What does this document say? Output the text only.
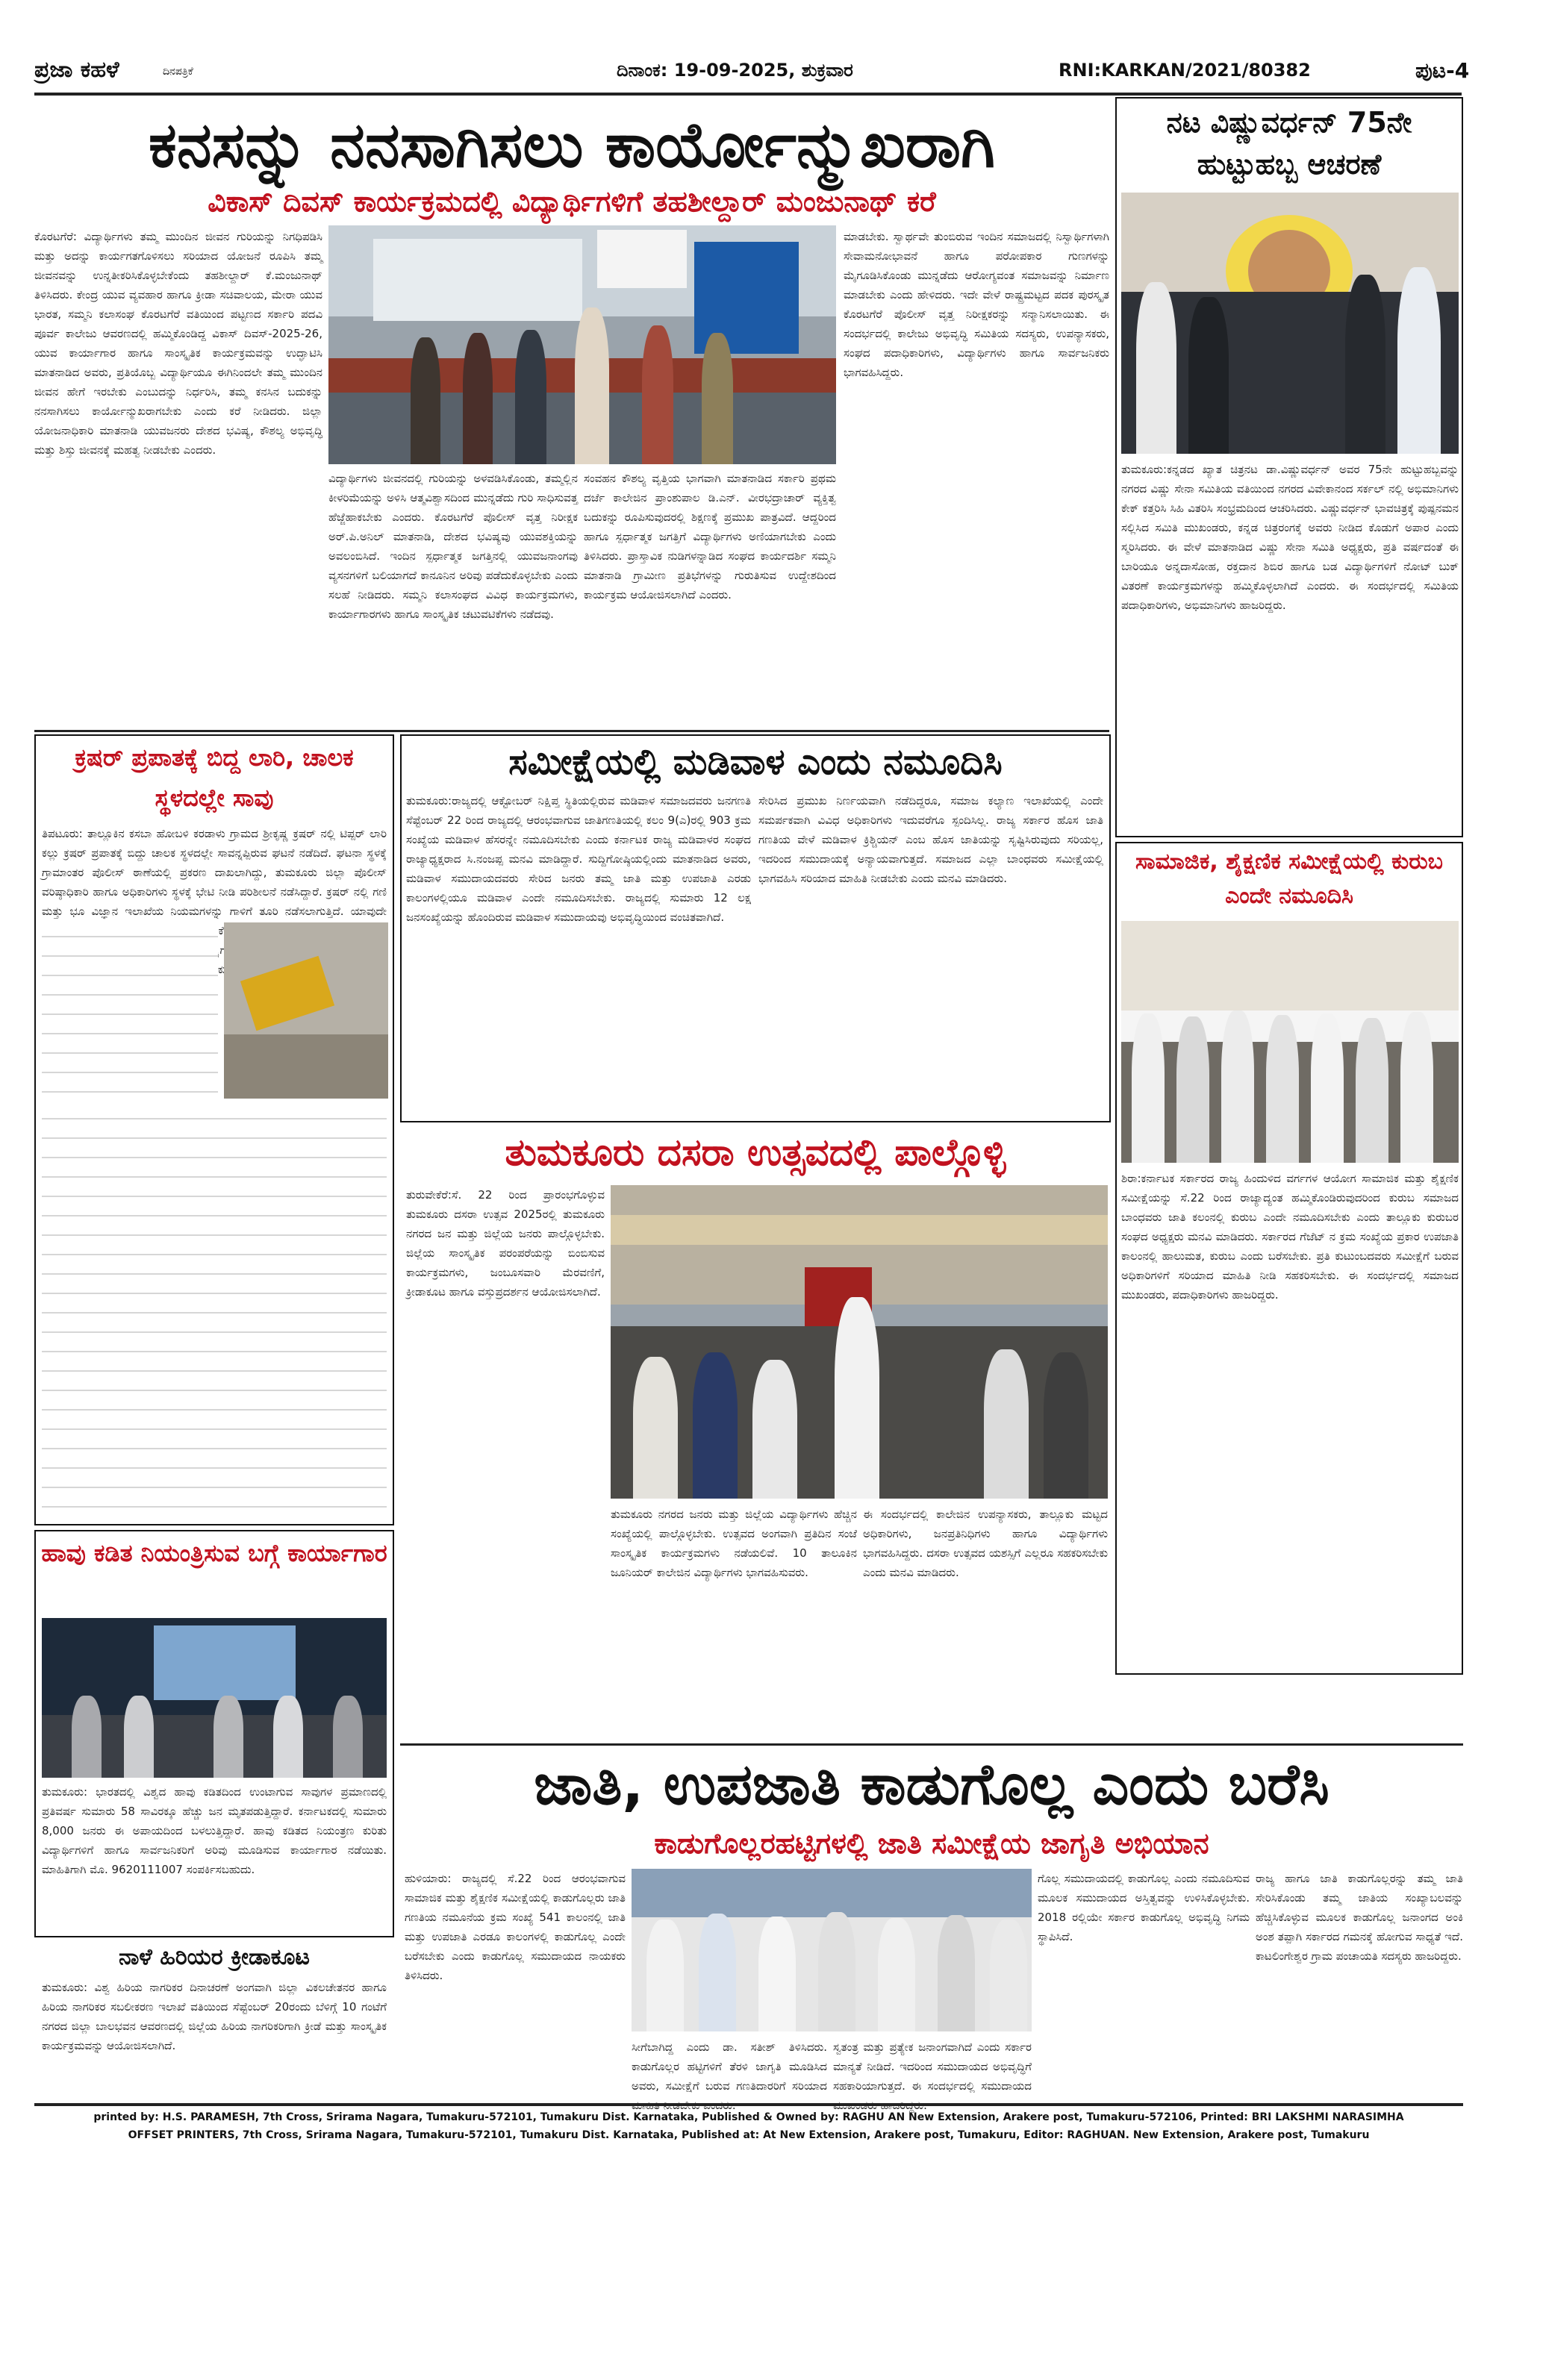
ಪ್ರಜಾ ಕಹಳೆ	ದಿನಪತ್ರಿಕೆ	ದಿನಾಂಕ: 19-09-2025, ಶುಕ್ರವಾರ	RNI:KARKAN/2021/80382	ಪುಟ-4
ಕನಸನ್ನು ನನಸಾಗಿಸಲು ಕಾರ್ಯೋನ್ಮುಖರಾಗಿ
ವಿಕಾಸ್ ದಿವಸ್ ಕಾರ್ಯಕ್ರಮದಲ್ಲಿ ವಿದ್ಯಾರ್ಥಿಗಳಿಗೆ ತಹಶೀಲ್ದಾರ್ ಮಂಜುನಾಥ್ ಕರೆ
ಕೊರಟಗೆರೆ: ವಿದ್ಯಾರ್ಥಿಗಳು ತಮ್ಮ ಮುಂದಿನ ಜೀವನ ಗುರಿಯನ್ನು ನಿಗಧಿಪಡಿಸಿ ಮತ್ತು ಅದನ್ನು ಕಾರ್ಯಗತಗೊಳಿಸಲು ಸರಿಯಾದ ಯೋಜನೆ ರೂಪಿಸಿ ತಮ್ಮ ಜೀವನವನ್ನು ಉನ್ನತೀಕರಿಸಿಕೊಳ್ಳಬೇಕೆಂದು ತಹಶೀಲ್ದಾರ್ ಕೆ.ಮಂಜುನಾಥ್ ತಿಳಿಸಿದರು. ಕೇಂದ್ರ ಯುವ ವ್ಯವಹಾರ ಹಾಗೂ ಕ್ರೀಡಾ ಸಚಿವಾಲಯ, ಮೇರಾ ಯುವ ಭಾರತ, ಸಮ್ಮನಿ ಕಲಾಸಂಘ ಕೊರಟಗೆರೆ ವತಿಯಿಂದ ಪಟ್ಟಣದ ಸರ್ಕಾರಿ ಪದವಿ ಪೂರ್ವ ಕಾಲೇಜು ಆವರಣದಲ್ಲಿ ಹಮ್ಮಿಕೊಂಡಿದ್ದ ವಿಕಾಸ್ ದಿವಸ್-2025-26, ಯುವ ಕಾರ್ಯಾಗಾರ ಹಾಗೂ ಸಾಂಸ್ಕೃತಿಕ ಕಾರ್ಯಕ್ರಮವನ್ನು ಉದ್ಘಾಟಿಸಿ ಮಾತನಾಡಿದ ಅವರು, ಪ್ರತಿಯೊಬ್ಬ ವಿದ್ಯಾರ್ಥಿಯೂ ಈಗಿನಿಂದಲೇ ತಮ್ಮ ಮುಂದಿನ ಜೀವನ ಹೇಗೆ ಇರಬೇಕು ಎಂಬುದನ್ನು ನಿರ್ಧರಿಸಿ, ತಮ್ಮ ಕನಸಿನ ಬದುಕನ್ನು ನನಸಾಗಿಸಲು ಕಾರ್ಯೋನ್ಮುಖರಾಗಬೇಕು ಎಂದು ಕರೆ ನೀಡಿದರು. ಜಿಲ್ಲಾ ಯೋಜನಾಧಿಕಾರಿ ಮಾತನಾಡಿ ಯುವಜನರು ದೇಶದ ಭವಿಷ್ಯ, ಕೌಶಲ್ಯ ಅಭಿವೃದ್ಧಿ ಮತ್ತು ಶಿಸ್ತು ಜೀವನಕ್ಕೆ ಮಹತ್ವ ನೀಡಬೇಕು ಎಂದರು.
ವಿದ್ಯಾರ್ಥಿಗಳು ಜೀವನದಲ್ಲಿ ಗುರಿಯನ್ನು ಅಳವಡಿಸಿಕೊಂಡು, ತಮ್ಮಲ್ಲಿನ ಕೀಳರಿಮೆಯನ್ನು ಅಳಿಸಿ ಆತ್ಮವಿಶ್ವಾಸದಿಂದ ಮುನ್ನಡೆದು ಗುರಿ ಸಾಧಿಸುವತ್ತ ಹೆಜ್ಜೆಹಾಕಬೇಕು ಎಂದರು. ಕೊರಟಗೆರೆ ಪೊಲೀಸ್ ವೃತ್ತ ನಿರೀಕ್ಷಕ ಅರ್.ಪಿ.ಅನಿಲ್ ಮಾತನಾಡಿ, ದೇಶದ ಭವಿಷ್ಯವು ಯುವಶಕ್ತಿಯನ್ನು ಅವಲಂಬಿಸಿದೆ. ಇಂದಿನ ಸ್ಪರ್ಧಾತ್ಮಕ ಜಗತ್ತಿನಲ್ಲಿ ಯುವಜನಾಂಗವು ವ್ಯಸನಗಳಿಗೆ ಬಲಿಯಾಗದೆ ಕಾನೂನಿನ ಅರಿವು ಪಡೆದುಕೊಳ್ಳಬೇಕು ಎಂದು ಸಲಹೆ ನೀಡಿದರು. ಸಮ್ಮನಿ ಕಲಾಸಂಘದ ವಿವಿಧ ಕಾರ್ಯಕ್ರಮಗಳು, ಕಾರ್ಯಾಗಾರಗಳು ಹಾಗೂ ಸಾಂಸ್ಕೃತಿಕ ಚಟುವಟಿಕೆಗಳು ನಡೆದವು.
ಸಂವಹನ ಕೌಶಲ್ಯ ವೃತ್ತಿಯ ಭಾಗವಾಗಿ ಮಾತನಾಡಿದ ಸರ್ಕಾರಿ ಪ್ರಥಮ ದರ್ಜೆ ಕಾಲೇಜಿನ ಪ್ರಾಂಶುಪಾಲ ಡಿ.ಎನ್. ವೀರಭದ್ರಾಚಾರ್ ವ್ಯಕ್ತಿತ್ವ ಬದುಕನ್ನು ರೂಪಿಸುವುದರಲ್ಲಿ ಶಿಕ್ಷಣಕ್ಕೆ ಪ್ರಮುಖ ಪಾತ್ರವಿದೆ. ಆದ್ದರಿಂದ ಹಾಗೂ ಸ್ಪರ್ಧಾತ್ಮಕ ಜಗತ್ತಿಗೆ ವಿದ್ಯಾರ್ಥಿಗಳು ಅಣಿಯಾಗಬೇಕು ಎಂದು ತಿಳಿಸಿದರು. ಪ್ರಾಸ್ತಾವಿಕ ನುಡಿಗಳನ್ನಾಡಿದ ಸಂಘದ ಕಾರ್ಯದರ್ಶಿ ಸಮ್ಮನಿ ಮಾತನಾಡಿ ಗ್ರಾಮೀಣ ಪ್ರತಿಭೆಗಳನ್ನು ಗುರುತಿಸುವ ಉದ್ದೇಶದಿಂದ ಕಾರ್ಯಕ್ರಮ ಆಯೋಜಿಸಲಾಗಿದೆ ಎಂದರು.
ಮಾಡಬೇಕು. ಸ್ವಾರ್ಥವೇ ತುಂಬಿರುವ ಇಂದಿನ ಸಮಾಜದಲ್ಲಿ ನಿಸ್ವಾರ್ಥಿಗಳಾಗಿ ಸೇವಾಮನೋಭಾವನೆ ಹಾಗೂ ಪರೋಪಕಾರ ಗುಣಗಳನ್ನು ಮೈಗೂಡಿಸಿಕೊಂಡು ಮುನ್ನಡೆದು ಆರೋಗ್ಯವಂತ ಸಮಾಜವನ್ನು ನಿರ್ಮಾಣ ಮಾಡಬೇಕು ಎಂದು ಹೇಳಿದರು. ಇದೇ ವೇಳೆ ರಾಷ್ಟ್ರಮಟ್ಟದ ಪದಕ ಪುರಸ್ಕೃತ ಕೊರಟಗೆರೆ ಪೊಲೀಸ್ ವೃತ್ತ ನಿರೀಕ್ಷಕರನ್ನು ಸನ್ಮಾನಿಸಲಾಯಿತು. ಈ ಸಂದರ್ಭದಲ್ಲಿ ಕಾಲೇಜು ಅಭಿವೃದ್ಧಿ ಸಮಿತಿಯ ಸದಸ್ಯರು, ಉಪನ್ಯಾಸಕರು, ಸಂಘದ ಪದಾಧಿಕಾರಿಗಳು, ವಿದ್ಯಾರ್ಥಿಗಳು ಹಾಗೂ ಸಾರ್ವಜನಿಕರು ಭಾಗವಹಿಸಿದ್ದರು.
ನಟ ವಿಷ್ಣುವರ್ಧನ್ 75ನೇ ಹುಟ್ಟುಹಬ್ಬ ಆಚರಣೆ
ತುಮಕೂರು:ಕನ್ನಡದ ಖ್ಯಾತ ಚಿತ್ರನಟ ಡಾ.ವಿಷ್ಣುವರ್ಧನ್ ಅವರ 75ನೇ ಹುಟ್ಟುಹಬ್ಬವನ್ನು ನಗರದ ವಿಷ್ಣು ಸೇನಾ ಸಮಿತಿಯ ವತಿಯಿಂದ ನಗರದ ವಿವೇಕಾನಂದ ಸರ್ಕಲ್ ನಲ್ಲಿ ಅಭಿಮಾನಿಗಳು ಕೇಕ್ ಕತ್ತರಿಸಿ ಸಿಹಿ ವಿತರಿಸಿ ಸಂಭ್ರಮದಿಂದ ಆಚರಿಸಿದರು. ವಿಷ್ಣುವರ್ಧನ್ ಭಾವಚಿತ್ರಕ್ಕೆ ಪುಷ್ಪನಮನ ಸಲ್ಲಿಸಿದ ಸಮಿತಿ ಮುಖಂಡರು, ಕನ್ನಡ ಚಿತ್ರರಂಗಕ್ಕೆ ಅವರು ನೀಡಿದ ಕೊಡುಗೆ ಅಪಾರ ಎಂದು ಸ್ಮರಿಸಿದರು. ಈ ವೇಳೆ ಮಾತನಾಡಿದ ವಿಷ್ಣು ಸೇನಾ ಸಮಿತಿ ಅಧ್ಯಕ್ಷರು, ಪ್ರತಿ ವರ್ಷದಂತೆ ಈ ಬಾರಿಯೂ ಅನ್ನದಾಸೋಹ, ರಕ್ತದಾನ ಶಿಬಿರ ಹಾಗೂ ಬಡ ವಿದ್ಯಾರ್ಥಿಗಳಿಗೆ ನೋಟ್ ಬುಕ್ ವಿತರಣೆ ಕಾರ್ಯಕ್ರಮಗಳನ್ನು ಹಮ್ಮಿಕೊಳ್ಳಲಾಗಿದೆ ಎಂದರು. ಈ ಸಂದರ್ಭದಲ್ಲಿ ಸಮಿತಿಯ ಪದಾಧಿಕಾರಿಗಳು, ಅಭಿಮಾನಿಗಳು ಹಾಜರಿದ್ದರು.
ಸಾಮಾಜಿಕ, ಶೈಕ್ಷಣಿಕ ಸಮೀಕ್ಷೆಯಲ್ಲಿ ಕುರುಬ ಎಂದೇ ನಮೂದಿಸಿ
ಶಿರಾ:ಕರ್ನಾಟಕ ಸರ್ಕಾರದ ರಾಜ್ಯ ಹಿಂದುಳಿದ ವರ್ಗಗಳ ಆಯೋಗ ಸಾಮಾಜಿಕ ಮತ್ತು ಶೈಕ್ಷಣಿಕ ಸಮೀಕ್ಷೆಯನ್ನು ಸೆ.22 ರಿಂದ ರಾಜ್ಯಾದ್ಯಂತ ಹಮ್ಮಿಕೊಂಡಿರುವುದರಿಂದ ಕುರುಬ ಸಮಾಜದ ಬಾಂಧವರು ಜಾತಿ ಕಲಂನಲ್ಲಿ ಕುರುಬ ಎಂದೇ ನಮೂದಿಸಬೇಕು ಎಂದು ತಾಲ್ಲೂಕು ಕುರುಬರ ಸಂಘದ ಅಧ್ಯಕ್ಷರು ಮನವಿ ಮಾಡಿದರು. ಸರ್ಕಾರದ ಗೆಜೆಟ್ ನ ಕ್ರಮ ಸಂಖ್ಯೆಯ ಪ್ರಕಾರ ಉಪಜಾತಿ ಕಾಲಂನಲ್ಲಿ ಹಾಲುಮತ, ಕುರುಬ ಎಂದು ಬರೆಸಬೇಕು. ಪ್ರತಿ ಕುಟುಂಬದವರು ಸಮೀಕ್ಷೆಗೆ ಬರುವ ಅಧಿಕಾರಿಗಳಿಗೆ ಸರಿಯಾದ ಮಾಹಿತಿ ನೀಡಿ ಸಹಕರಿಸಬೇಕು. ಈ ಸಂದರ್ಭದಲ್ಲಿ ಸಮಾಜದ ಮುಖಂಡರು, ಪದಾಧಿಕಾರಿಗಳು ಹಾಜರಿದ್ದರು.
ಕ್ರಷರ್ ಪ್ರಪಾತಕ್ಕೆ ಬಿದ್ದ ಲಾರಿ, ಚಾಲಕ ಸ್ಥಳದಲ್ಲೇ ಸಾವು
ತಿಪಟೂರು: ತಾಲ್ಲೂಕಿನ ಕಸಬಾ ಹೋಬಳಿ ಕರಡಾಳು ಗ್ರಾಮದ ಶ್ರೀಕೃಷ್ಣ ಕ್ರಷರ್ ನಲ್ಲಿ ಟಿಪ್ಪರ್ ಲಾರಿ ಕಲ್ಲು ಕ್ರಷರ್ ಪ್ರಪಾತಕ್ಕೆ ಬಿದ್ದು ಚಾಲಕ ಸ್ಥಳದಲ್ಲೇ ಸಾವನ್ನಪ್ಪಿರುವ ಘಟನೆ ನಡೆದಿದೆ. ಘಟನಾ ಸ್ಥಳಕ್ಕೆ ಗ್ರಾಮಾಂತರ ಪೊಲೀಸ್ ಠಾಣೆಯಲ್ಲಿ ಪ್ರಕರಣ ದಾಖಲಾಗಿದ್ದು, ತುಮಕೂರು ಜಿಲ್ಲಾ ಪೊಲೀಸ್ ವರಿಷ್ಠಾಧಿಕಾರಿ ಹಾಗೂ ಅಧಿಕಾರಿಗಳು ಸ್ಥಳಕ್ಕೆ ಭೇಟಿ ನೀಡಿ ಪರಿಶೀಲನೆ ನಡೆಸಿದ್ದಾರೆ. ಕ್ರಷರ್ ನಲ್ಲಿ ಗಣಿ ಮತ್ತು ಭೂ ವಿಜ್ಞಾನ ಇಲಾಖೆಯ ನಿಯಮಗಳನ್ನು ಗಾಳಿಗೆ ತೂರಿ ನಡೆಸಲಾಗುತ್ತಿದೆ. ಯಾವುದೇ
ಹಾವು ಕಡಿತ ನಿಯಂತ್ರಿಸುವ ಬಗ್ಗೆ ಕಾರ್ಯಾಗಾರ
ತುಮಕೂರು: ಭಾರತದಲ್ಲಿ ವಿಶ್ವದ ಹಾವು ಕಡಿತದಿಂದ ಉಂಟಾಗುವ ಸಾವುಗಳ ಪ್ರಮಾಣದಲ್ಲಿ ಪ್ರತಿವರ್ಷ ಸುಮಾರು 58 ಸಾವಿರಕ್ಕೂ ಹೆಚ್ಚು ಜನ ಮೃತಪಡುತ್ತಿದ್ದಾರೆ. ಕರ್ನಾಟಕದಲ್ಲಿ ಸುಮಾರು 8,000 ಜನರು ಈ ಅಪಾಯದಿಂದ ಬಳಲುತ್ತಿದ್ದಾರೆ. ಹಾವು ಕಡಿತದ ನಿಯಂತ್ರಣ ಕುರಿತು ವಿದ್ಯಾರ್ಥಿಗಳಿಗೆ ಹಾಗೂ ಸಾರ್ವಜನಿಕರಿಗೆ ಅರಿವು ಮೂಡಿಸುವ ಕಾರ್ಯಾಗಾರ ನಡೆಯಿತು. ಮಾಹಿತಿಗಾಗಿ ಮೊ. 9620111007 ಸಂಪರ್ಕಿಸಬಹುದು.
ನಾಳೆ ಹಿರಿಯರ ಕ್ರೀಡಾಕೂಟ
ತುಮಕೂರು: ವಿಶ್ವ ಹಿರಿಯ ನಾಗರಿಕರ ದಿನಾಚರಣೆ ಅಂಗವಾಗಿ ಜಿಲ್ಲಾ ವಿಕಲಚೇತನರ ಹಾಗೂ ಹಿರಿಯ ನಾಗರಿಕರ ಸಬಲೀಕರಣ ಇಲಾಖೆ ವತಿಯಿಂದ ಸೆಪ್ಟೆಂಬರ್ 20ರಂದು ಬೆಳಿಗ್ಗೆ 10 ಗಂಟೆಗೆ ನಗರದ ಜಿಲ್ಲಾ ಬಾಲಭವನ ಆವರಣದಲ್ಲಿ ಜಿಲ್ಲೆಯ ಹಿರಿಯ ನಾಗರಿಕರಿಗಾಗಿ ಕ್ರೀಡೆ ಮತ್ತು ಸಾಂಸ್ಕೃತಿಕ ಕಾರ್ಯಕ್ರಮವನ್ನು ಆಯೋಜಿಸಲಾಗಿದೆ.
ಸಮೀಕ್ಷೆಯಲ್ಲಿ ಮಡಿವಾಳ ಎಂದು ನಮೂದಿಸಿ
ತುಮಕೂರು:ರಾಜ್ಯದಲ್ಲಿ ಆಕ್ಟೋಬರ್ ನಿಕ್ಷಿಪ್ತ ಸ್ಥಿತಿಯಲ್ಲಿರುವ ಮಡಿವಾಳ ಸಮಾಜದವರು ಜನಗಣತಿ ಸೆಪ್ಟೆಂಬರ್ 22 ರಿಂದ ರಾಜ್ಯದಲ್ಲಿ ಆರಂಭವಾಗುವ ಜಾತಿಗಣತಿಯಲ್ಲಿ ಕಲಂ 9(ಎ)ರಲ್ಲಿ 903 ಕ್ರಮ ಸಂಖ್ಯೆಯ ಮಡಿವಾಳ ಹೆಸರನ್ನೇ ನಮೂದಿಸಬೇಕು ಎಂದು ಕರ್ನಾಟಕ ರಾಜ್ಯ ಮಡಿವಾಳರ ಸಂಘದ ರಾಜ್ಯಾಧ್ಯಕ್ಷರಾದ ಸಿ.ನಂಜಪ್ಪ ಮನವಿ ಮಾಡಿದ್ದಾರೆ. ಸುದ್ದಿಗೋಷ್ಠಿಯಲ್ಲಿಂದು ಮಾತನಾಡಿದ ಅವರು, ಮಡಿವಾಳ ಸಮುದಾಯದವರು ಸೇರಿದ ಜನರು ತಮ್ಮ ಜಾತಿ ಮತ್ತು ಉಪಜಾತಿ ಎರಡು ಕಾಲಂಗಳಲ್ಲಿಯೂ ಮಡಿವಾಳ ಎಂದೇ ನಮೂದಿಸಬೇಕು. ರಾಜ್ಯದಲ್ಲಿ ಸುಮಾರು 12 ಲಕ್ಷ ಜನಸಂಖ್ಯೆಯನ್ನು ಹೊಂದಿರುವ ಮಡಿವಾಳ ಸಮುದಾಯವು ಅಭಿವೃದ್ಧಿಯಿಂದ ವಂಚಿತವಾಗಿದೆ.
ಸೇರಿಸಿದ ಪ್ರಮುಖ ನಿರ್ಣಯವಾಗಿ ನಡೆದಿದ್ದರೂ, ಸಮಾಜ ಕಲ್ಯಾಣ ಇಲಾಖೆಯಲ್ಲಿ ಎಂದೇ ಸಮರ್ಪಕವಾಗಿ ವಿವಿಧ ಅಧಿಕಾರಿಗಳು ಇದುವರೆಗೂ ಸ್ಪಂದಿಸಿಲ್ಲ. ರಾಜ್ಯ ಸರ್ಕಾರ ಹೊಸ ಜಾತಿ ಗಣತಿಯ ವೇಳೆ ಮಡಿವಾಳ ಕ್ರಿಶ್ಚಿಯನ್ ಎಂಬ ಹೊಸ ಜಾತಿಯನ್ನು ಸೃಷ್ಟಿಸಿರುವುದು ಸರಿಯಲ್ಲ, ಇದರಿಂದ ಸಮುದಾಯಕ್ಕೆ ಅನ್ಯಾಯವಾಗುತ್ತದೆ. ಸಮಾಜದ ಎಲ್ಲಾ ಬಾಂಧವರು ಸಮೀಕ್ಷೆಯಲ್ಲಿ ಭಾಗವಹಿಸಿ ಸರಿಯಾದ ಮಾಹಿತಿ ನೀಡಬೇಕು ಎಂದು ಮನವಿ ಮಾಡಿದರು.
ತುಮಕೂರು ದಸರಾ ಉತ್ಸವದಲ್ಲಿ ಪಾಲ್ಗೊಳ್ಳಿ
ತುರುವೇಕೆರೆ:ಸೆ. 22 ರಿಂದ ಪ್ರಾರಂಭಗೊಳ್ಳುವ ತುಮಕೂರು ದಸರಾ ಉತ್ಸವ 2025ರಲ್ಲಿ ತುಮಕೂರು ನಗರದ ಜನ ಮತ್ತು ಜಿಲ್ಲೆಯ ಜನರು ಪಾಲ್ಗೊಳ್ಳಬೇಕು. ಜಿಲ್ಲೆಯ ಸಾಂಸ್ಕೃತಿಕ ಪರಂಪರೆಯನ್ನು ಬಿಂಬಿಸುವ ಕಾರ್ಯಕ್ರಮಗಳು, ಜಂಬೂಸವಾರಿ ಮೆರವಣಿಗೆ, ಕ್ರೀಡಾಕೂಟ ಹಾಗೂ ವಸ್ತುಪ್ರದರ್ಶನ ಆಯೋಜಿಸಲಾಗಿದೆ.
ತುಮಕೂರು ನಗರದ ಜನರು ಮತ್ತು ಜಿಲ್ಲೆಯ ವಿದ್ಯಾರ್ಥಿಗಳು ಹೆಚ್ಚಿನ ಸಂಖ್ಯೆಯಲ್ಲಿ ಪಾಲ್ಗೊಳ್ಳಬೇಕು. ಉತ್ಸವದ ಅಂಗವಾಗಿ ಪ್ರತಿದಿನ ಸಂಜೆ ಸಾಂಸ್ಕೃತಿಕ ಕಾರ್ಯಕ್ರಮಗಳು ನಡೆಯಲಿವೆ. 10 ತಾಲೂಕಿನ ಜೂನಿಯರ್ ಕಾಲೇಜಿನ ವಿದ್ಯಾರ್ಥಿಗಳು ಭಾಗವಹಿಸುವರು.
ಈ ಸಂದರ್ಭದಲ್ಲಿ ಕಾಲೇಜಿನ ಉಪನ್ಯಾಸಕರು, ತಾಲ್ಲೂಕು ಮಟ್ಟದ ಅಧಿಕಾರಿಗಳು, ಜನಪ್ರತಿನಿಧಿಗಳು ಹಾಗೂ ವಿದ್ಯಾರ್ಥಿಗಳು ಭಾಗವಹಿಸಿದ್ದರು. ದಸರಾ ಉತ್ಸವದ ಯಶಸ್ಸಿಗೆ ಎಲ್ಲರೂ ಸಹಕರಿಸಬೇಕು ಎಂದು ಮನವಿ ಮಾಡಿದರು.
ಜಾತಿ, ಉಪಜಾತಿ ಕಾಡುಗೊಲ್ಲ ಎಂದು ಬರೆಸಿ
ಕಾಡುಗೊಲ್ಲರಹಟ್ಟಿಗಳಲ್ಲಿ ಜಾತಿ ಸಮೀಕ್ಷೆಯ ಜಾಗೃತಿ ಅಭಿಯಾನ
ಹುಳಿಯಾರು: ರಾಜ್ಯದಲ್ಲಿ ಸೆ.22 ರಿಂದ ಆರಂಭವಾಗುವ ಸಾಮಾಜಿಕ ಮತ್ತು ಶೈಕ್ಷಣಿಕ ಸಮೀಕ್ಷೆಯಲ್ಲಿ ಕಾಡುಗೊಲ್ಲರು ಜಾತಿ ಗಣತಿಯ ನಮೂನೆಯ ಕ್ರಮ ಸಂಖ್ಯೆ 541 ಕಾಲಂನಲ್ಲಿ ಜಾತಿ ಮತ್ತು ಉಪಜಾತಿ ಎರಡೂ ಕಾಲಂಗಳಲ್ಲಿ ಕಾಡುಗೊಲ್ಲ ಎಂದೇ ಬರೆಸಬೇಕು ಎಂದು ಕಾಡುಗೊಲ್ಲ ಸಮುದಾಯದ ನಾಯಕರು ತಿಳಿಸಿದರು.
ಸೀಗೆಬಾಗಿದ್ದ ಎಂದು ಡಾ. ಸತೀಶ್ ತಿಳಿಸಿದರು. ಕಾಡುಗೊಲ್ಲರ ಹಟ್ಟಿಗಳಿಗೆ ತೆರಳಿ ಜಾಗೃತಿ ಮೂಡಿಸಿದ ಅವರು, ಸಮೀಕ್ಷೆಗೆ ಬರುವ ಗಣತಿದಾರರಿಗೆ ಸರಿಯಾದ
ಸ್ವತಂತ್ರ ಮತ್ತು ಪ್ರತ್ಯೇಕ ಜನಾಂಗವಾಗಿದೆ ಎಂದು ಸರ್ಕಾರ ಮಾನ್ಯತೆ ನೀಡಿದೆ. ಇದರಿಂದ ಸಮುದಾಯದ ಅಭಿವೃದ್ಧಿಗೆ ಸಹಕಾರಿಯಾಗುತ್ತದೆ. ಈ ಸಂದರ್ಭದಲ್ಲಿ ಸಮುದಾಯದ
ಗೊಲ್ಲ ಸಮುದಾಯದಲ್ಲಿ ಕಾಡುಗೊಲ್ಲ ಎಂದು ನಮೂದಿಸುವ ಮೂಲಕ ಸಮುದಾಯದ ಅಸ್ತಿತ್ವವನ್ನು ಉಳಿಸಿಕೊಳ್ಳಬೇಕು. 2018 ರಲ್ಲಿಯೇ ಸರ್ಕಾರ ಕಾಡುಗೊಲ್ಲ ಅಭಿವೃದ್ಧಿ ನಿಗಮ ಸ್ಥಾಪಿಸಿದೆ.
ರಾಜ್ಯ ಹಾಗೂ ಜಾತಿ ಕಾಡುಗೊಲ್ಲರನ್ನು ತಮ್ಮ ಜಾತಿ ಸೇರಿಸಿಕೊಂಡು ತಮ್ಮ ಜಾತಿಯ ಸಂಖ್ಯಾಬಲವನ್ನು ಹೆಚ್ಚಿಸಿಕೊಳ್ಳುವ ಮೂಲಕ ಕಾಡುಗೊಲ್ಲ ಜನಾಂಗದ ಅಂಕಿ ಅಂಶ ತಪ್ಪಾಗಿ ಸರ್ಕಾರದ ಗಮನಕ್ಕೆ ಹೋಗುವ ಸಾಧ್ಯತೆ ಇದೆ. ಕಾಟಲಿಂಗೇಶ್ವರ ಗ್ರಾಮ ಪಂಚಾಯತಿ ಸದಸ್ಯರು ಹಾಜರಿದ್ದರು.
printed by: H.S. PARAMESH, 7th Cross, Srirama Nagara, Tumakuru-572101, Tumakuru Dist. Karnataka, Published & Owned by: RAGHU AN New Extension, Arakere post, Tumakuru-572106, Printed: BRI LAKSHMI NARASIMHA
OFFSET PRINTERS, 7th Cross, Srirama Nagara, Tumakuru-572101, Tumakuru Dist. Karnataka, Published at: At New Extension, Arakere post, Tumakuru, Editor: RAGHUAN. New Extension, Arakere post, Tumakuru
